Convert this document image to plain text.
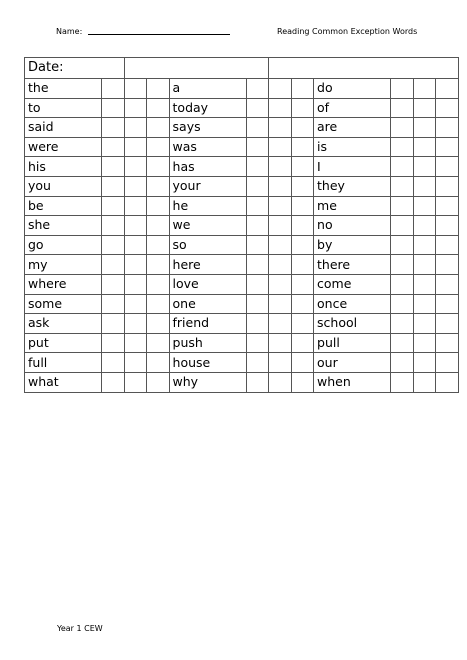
Name:	Reading Common Exception Words
Date:											
the				a				do			
to				today				of			
said				says				are			
were				was				is			
his				has				I			
you				your				they			
be				he				me			
she				we				no			
go				so				by			
my				here				there			
where				love				come			
some				one				once			
ask				friend				school			
put				push				pull			
full				house				our			
what				why				when			
Year 1 CEW
